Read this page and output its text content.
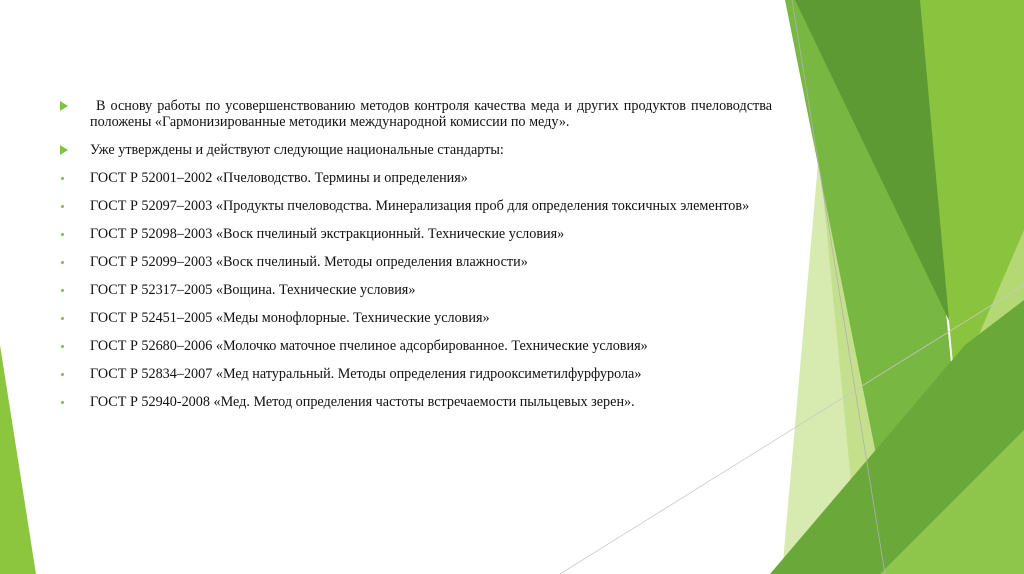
В основу работы по усовершенствованию методов контроля качества меда и других продуктов пчеловодства положены «Гармонизированные методики международной комиссии по меду».
Уже утверждены и действуют следующие национальные стандарты:
ГОСТ Р 52001–2002 «Пчеловодство. Термины и определения»
ГОСТ Р 52097–2003 «Продукты пчеловодства. Минерализация проб для определения токсичных элементов»
ГОСТ Р 52098–2003 «Воск пчелиный экстракционный. Технические условия»
ГОСТ Р 52099–2003 «Воск пчелиный. Методы определения влажности»
ГОСТ Р 52317–2005 «Вощина. Технические условия»
ГОСТ Р 52451–2005 «Меды монофлорные. Технические условия»
ГОСТ Р 52680–2006 «Молочко маточное пчелиное адсорбированное. Технические условия»
ГОСТ Р 52834–2007 «Мед натуральный. Методы определения гидрооксиметилфурфурола»
ГОСТ Р 52940-2008 «Мед. Метод определения частоты встречаемости пыльцевых зерен».
